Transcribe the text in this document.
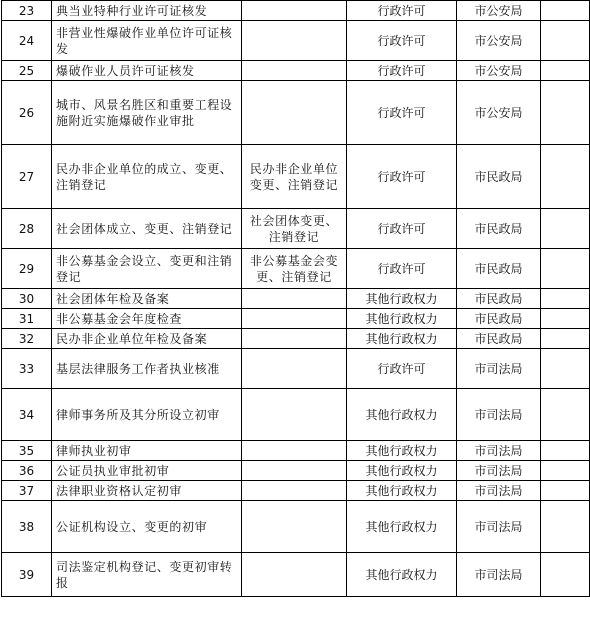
23	典当业特种行业许可证核发		行政许可	市公安局	
24	非营业性爆破作业单位许可证核发		行政许可	市公安局	
25	爆破作业人员许可证核发		行政许可	市公安局	
26	城市、风景名胜区和重要工程设施附近实施爆破作业审批		行政许可	市公安局	
27	民办非企业单位的成立、变更、注销登记	民办非企业单位变更、注销登记	行政许可	市民政局	
28	社会团体成立、变更、注销登记	社会团体变更、注销登记	行政许可	市民政局	
29	非公募基金会设立、变更和注销登记	非公募基金会变更、注销登记	行政许可	市民政局	
30	社会团体年检及备案		其他行政权力	市民政局	
31	非公募基金会年度检查		其他行政权力	市民政局	
32	民办非企业单位年检及备案		其他行政权力	市民政局	
33	基层法律服务工作者执业核准		行政许可	市司法局	
34	律师事务所及其分所设立初审		其他行政权力	市司法局	
35	律师执业初审		其他行政权力	市司法局	
36	公证员执业审批初审		其他行政权力	市司法局	
37	法律职业资格认定初审		其他行政权力	市司法局	
38	公证机构设立、变更的初审		其他行政权力	市司法局	
39	司法鉴定机构登记、变更初审转报		其他行政权力	市司法局	
